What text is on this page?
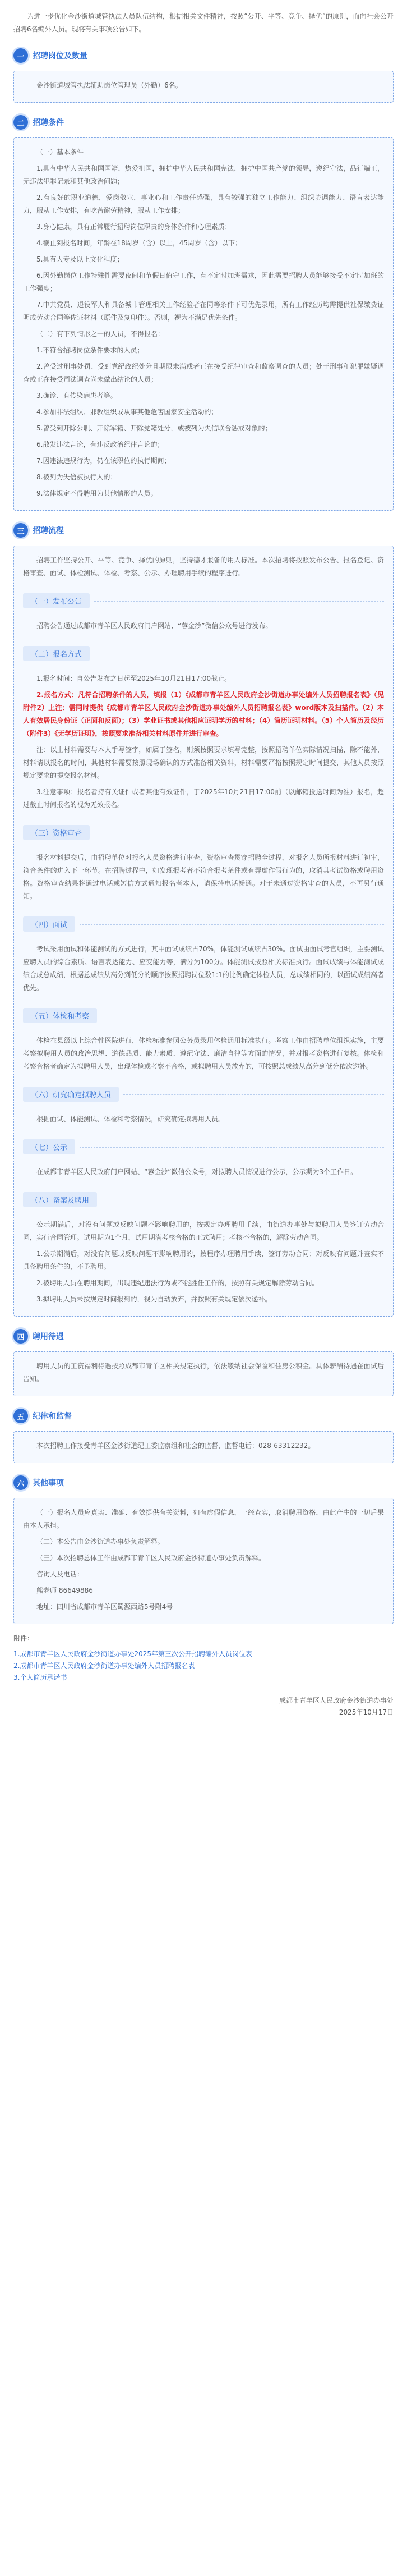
为进一步优化金沙街道城管执法人员队伍结构，根据相关文件精神，按照“公开、平等、竞争、择优”的原则，面向社会公开招聘6名编外人员。现将有关事项公告如下。

一	招聘岗位及数量

金沙街道城管执法辅助岗位管理员（外勤）6名。

二	招聘条件

（一）基本条件

1.具有中华人民共和国国籍，热爱祖国，拥护中华人民共和国宪法，拥护中国共产党的领导，遵纪守法，品行端正，无违法犯罪记录和其他政治问题；

2.有良好的职业道德，爱岗敬业，事业心和工作责任感强，具有较强的独立工作能力、组织协调能力、语言表达能力，服从工作安排，有吃苦耐劳精神，服从工作安排；

3.身心健康，具有正常履行招聘岗位职责的身体条件和心理素质；

4.截止到报名时间，年龄在18周岁（含）以上，45周岁（含）以下；

5.具有大专及以上文化程度；

6.因外勤岗位工作特殊性需要夜间和节假日值守工作，有不定时加班需求，因此需要招聘人员能够接受不定时加班的工作强度；

7.中共党员、退役军人和具备城市管理相关工作经验者在同等条件下可优先录用，所有工作经历均需提供社保缴费证明或劳动合同等佐证材料（原件及复印件）。否则，视为不满足优先条件。

（二）有下列情形之一的人员，不得报名：

1.不符合招聘岗位条件要求的人员；

2.曾受过刑事处罚、受到党纪政纪处分且期限未满或者正在接受纪律审查和监察调查的人员；处于刑事和犯罪嫌疑调查或正在接受司法调查尚未做出结论的人员；

3.确诊、有传染病患者等。

4.参加非法组织、邪教组织或从事其他危害国家安全活动的；

5.曾受到开除公职、开除军籍、开除党籍处分，或被列为失信联合惩戒对象的；

6.散发违法言论，有违反政治纪律言论的；

7.因违法违规行为，仍在该职位的执行期间；

8.被列为失信被执行人的；

9.法律规定不得聘用为其他情形的人员。

三	招聘流程

招聘工作坚持公开、平等、竞争、择优的原则，坚持德才兼备的用人标准。本次招聘将按照发布公告、报名登记、资格审查、面试、体检测试、体检、考察、公示、办理聘用手续的程序进行。

（一）发布公告

招聘公告通过成都市青羊区人民政府门户网站、“蓉金沙”微信公众号进行发布。

（二）报名方式

1.报名时间：自公告发布之日起至2025年10月21日17:00截止。

2.报名方式：凡符合招聘条件的人员，填报（1）《成都市青羊区人民政府金沙街道办事处编外人员招聘报名表》（见附件2）上注：需同时提供《成都市青羊区人民政府金沙街道办事处编外人员招聘报名表》word版本及扫描件。（2）本人有效居民身份证（正面和反面）；（3）学业证书或其他相应证明学历的材料；（4）简历证明材料。（5）个人简历及经历（附件3）《无学历证明》，按照要求准备相关材料原件并进行审查。

注：以上材料需要与本人手写签字，如属于签名，则须按照要求填写完整，按照招聘单位实际情况扫描，除不能外，材料请以报名的时间，其他材料需要按照现场确认的方式准备相关资料，材料需要严格按照规定时间提交，其他人员按照规定要求的提交报名材料。

3.注意事项：报名者持有关证件或者其他有效证件，于2025年10月21日17:00前（以邮箱投送时间为准）报名，超过截止时间报名的视为无效报名。

（三）资格审查

报名材料提交后，由招聘单位对报名人员资格进行审查，资格审查贯穿招聘全过程，对报名人员所报材料进行初审，符合条件的进入下一环节。在招聘过程中，如发现报考者不符合报考条件或有弄虚作假行为的，取消其考试资格或聘用资格。资格审查结果将通过电话或短信方式通知报名者本人，请保持电话畅通。对于未通过资格审查的人员，不再另行通知。

（四）面试

考试采用面试和体能测试的方式进行，其中面试成绩占70%，体能测试成绩占30%。面试由面试考官组织，主要测试应聘人员的综合素质、语言表达能力、应变能力等，满分为100分。体能测试按照相关标准执行。面试成绩与体能测试成绩合成总成绩，根据总成绩从高分到低分的顺序按照招聘岗位数1:1的比例确定体检人员，总成绩相同的，以面试成绩高者优先。

（五）体检和考察

体检在县级以上综合性医院进行，体检标准参照公务员录用体检通用标准执行。考察工作由招聘单位组织实施，主要考察拟聘用人员的政治思想、道德品质、能力素质、遵纪守法、廉洁自律等方面的情况，并对报考资格进行复核。体检和考察合格者确定为拟聘用人员，出现体检或考察不合格，或拟聘用人员放弃的，可按照总成绩从高分到低分依次递补。

（六）研究确定拟聘人员

根据面试、体能测试、体检和考察情况，研究确定拟聘用人员。

（七）公示

在成都市青羊区人民政府门户网站、“蓉金沙”微信公众号，对拟聘人员情况进行公示，公示期为3个工作日。

（八）备案及聘用

公示期满后，对没有问题或反映问题不影响聘用的，按规定办理聘用手续，由街道办事处与拟聘用人员签订劳动合同，实行合同管理。试用期为1个月，试用期满考核合格的正式聘用；考核不合格的，解除劳动合同。

1.公示期满后，对没有问题或反映问题不影响聘用的，按程序办理聘用手续，签订劳动合同；对反映有问题并查实不具备聘用条件的，不予聘用。

2.被聘用人员在聘用期间，出现违纪违法行为或不能胜任工作的，按照有关规定解除劳动合同。

3.拟聘用人员未按规定时间报到的，视为自动放弃，并按照有关规定依次递补。

四	聘用待遇

聘用人员的工资福利待遇按照成都市青羊区相关规定执行，依法缴纳社会保险和住房公积金。具体薪酬待遇在面试后告知。

五	纪律和监督

本次招聘工作接受青羊区金沙街道纪工委监察组和社会的监督，监督电话：028-63312232。

六	其他事项

（一）报名人员应真实、准确、有效提供有关资料，如有虚假信息，一经查实，取消聘用资格，由此产生的一切后果由本人承担。

（二）本公告由金沙街道办事处负责解释。

（三）本次招聘总体工作由成都市青羊区人民政府金沙街道办事处负责解释。

咨询人及电话：

熊老师 86649886

地址：四川省成都市青羊区蜀源西路5号附4号

附件：

1.成都市青羊区人民政府金沙街道办事处2025年第三次公开招聘编外人员岗位表
2.成都市青羊区人民政府金沙街道办事处编外人员招聘报名表
3.个人简历承诺书
成都市青羊区人民政府金沙街道办事处
2025年10月17日
